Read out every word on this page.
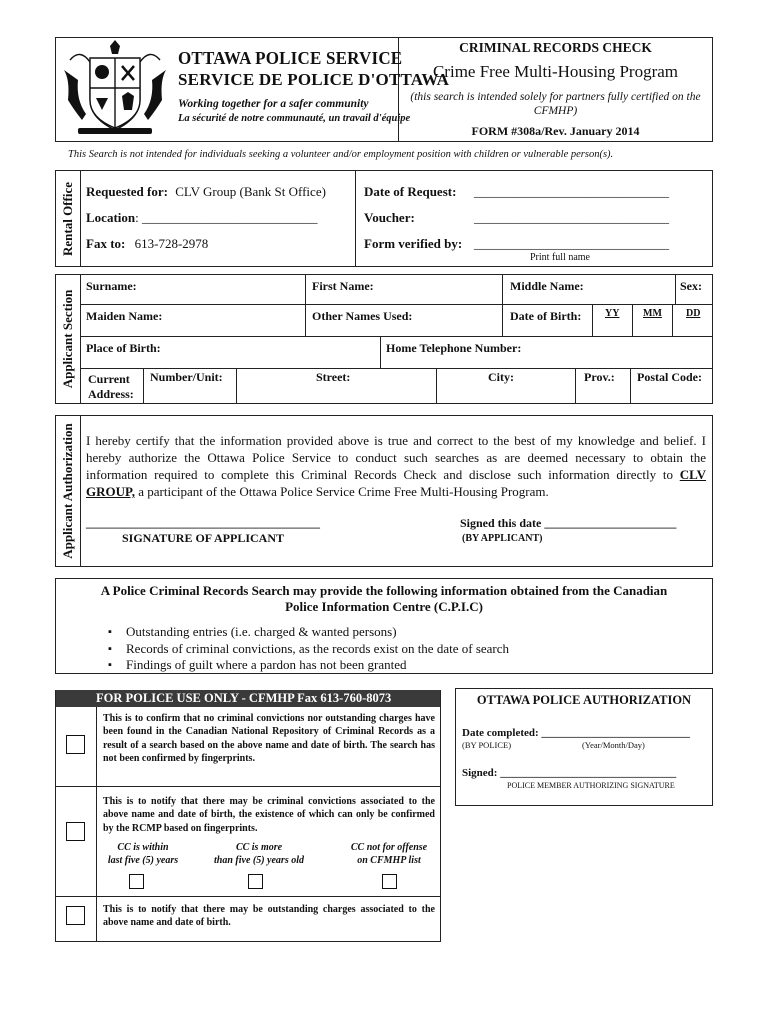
OTTAWA POLICE SERVICE
SERVICE DE POLICE D'OTTAWA
Working together for a safer community
La sécurité de notre communauté, un travail d'équipe
CRIMINAL RECORDS CHECK
Crime Free Multi-Housing Program
(this search is intended solely for partners fully certified on the CFMHP)
FORM #308a/Rev. January 2014
This Search is not intended for individuals seeking a volunteer and/or employment position with children or vulnerable person(s).
Rental Office Requested for: CLV Group (Bank St Office)
Location: ___________________________
Fax to: 613-728-2978
Date of Request: ______________________________
Voucher:	______________________________
Form verified by: ______________________________
Print full name
Applicant Section
Surname:	First Name:	Middle Name:	Sex:
Maiden Name:	Other Names Used:	Date of Birth: YY MM DD
Place of Birth:	Home Telephone Number:
Current
Address:
Number/Unit:	Street:	City:	Prov.: Postal Code:
Applicant Authorization I hereby certify that the information provided above is true and correct to the best of my knowledge and belief. I hereby authorize the Ottawa Police Service to conduct such searches as are deemed necessary to obtain the information required to complete this Criminal Records Check and disclose such information directly to CLV GROUP, a participant of the Ottawa Police Service Crime Free Multi-Housing Program.
_______________________________________
SIGNATURE OF APPLICANT
Signed this date ______________________
(BY APPLICANT)
A Police Criminal Records Search may provide the following information obtained from the Canadian Police Information Centre (C.P.I.C)
▪ Outstanding entries (i.e. charged & wanted persons)
▪ Records of criminal convictions, as the records exist on the date of search
▪ Findings of guilt where a pardon has not been granted
FOR POLICE USE ONLY - CFMHP Fax 613-760-8073
This is to confirm that no criminal convictions nor outstanding charges have been found in the Canadian National Repository of Criminal Records as a result of a search based on the above name and date of birth. The search has not been confirmed by fingerprints.
This is to notify that there may be criminal convictions associated to the above name and date of birth, the existence of which can only be confirmed by the RCMP based on fingerprints.
CC is within
last five (5) years
CC is more
than five (5) years old
CC not for offense
on CFMHP list
This is to notify that there may be outstanding charges associated to the above name and date of birth.
OTTAWA POLICE AUTHORIZATION
Date completed: ___________________________
(BY POLICE)	(Year/Month/Day)
Signed: ________________________________
POLICE MEMBER AUTHORIZING SIGNATURE
